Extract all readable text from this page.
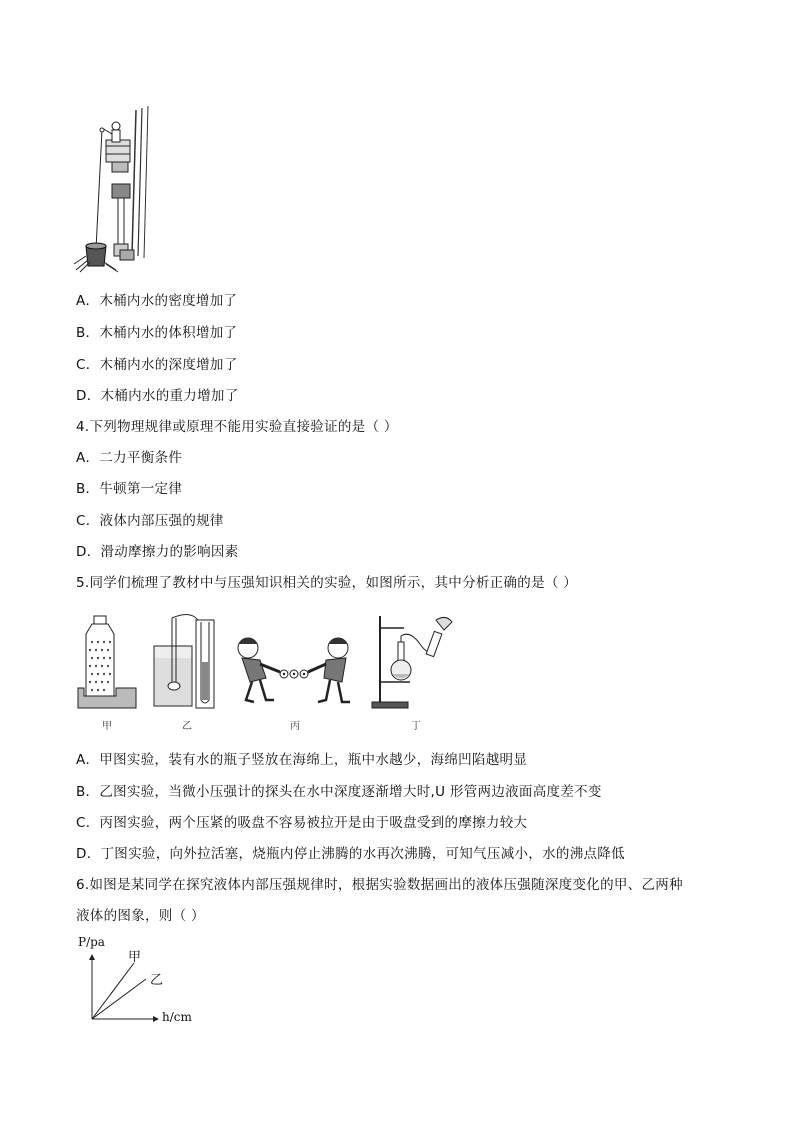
A．木桶内水的密度增加了
B．木桶内水的体积增加了
C．木桶内水的深度增加了
D．木桶内水的重力增加了
4.下列物理规律或原理不能用实验直接验证的是（ ）
A．二力平衡条件
B．牛顿第一定律
C．液体内部压强的规律
D．滑动摩擦力的影响因素
5.同学们梳理了教材中与压强知识相关的实验，如图所示，其中分析正确的是（ ）
甲	乙	丙	丁
A．甲图实验，装有水的瓶子竖放在海绵上，瓶中水越少，海绵凹陷越明显
B．乙图实验，当微小压强计的探头在水中深度逐渐增大时,U 形管两边液面高度差不变
C．丙图实验，两个压紧的吸盘不容易被拉开是由于吸盘受到的摩擦力较大
D．丁图实验，向外拉活塞，烧瓶内停止沸腾的水再次沸腾，可知气压减小，水的沸点降低
6.如图是某同学在探究液体内部压强规律时，根据实验数据画出的液体压强随深度变化的甲、乙两种
液体的图象，则（ ）
P/pa
甲
乙
h/cm
